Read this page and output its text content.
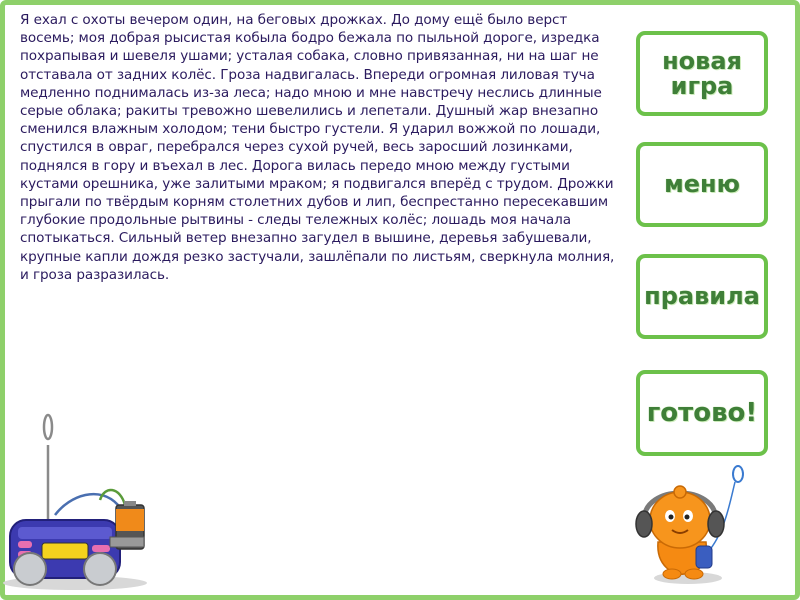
Я ехал с охоты вечером один, на беговых дрожках. До дому ещё было верст восемь; моя добрая рысистая кобыла бодро бежала по пыльной дороге, изредка похрапывая и шевеля ушами; усталая собака, словно привязанная, ни на шаг не отставала от задних колёс. Гроза надвигалась. Впереди огромная лиловая туча медленно поднималась из-за леса; надо мною и мне навстречу неслись длинные серые облака; ракиты тревожно шевелились и лепетали. Душный жар внезапно сменился влажным холодом; тени быстро густели. Я ударил вожжой по лошади, спустился в овраг, перебрался через сухой ручей, весь заросший лозинками, поднялся в гору и въехал в лес. Дорога вилась передо мною между густыми кустами орешника, уже залитыми мраком; я подвигался вперёд с трудом. Дрожки прыгали по твёрдым корням столетних дубов и лип, беспрестанно пересекавшим глубокие продольные рытвины - следы тележных колёс; лошадь моя начала спотыкаться. Сильный ветер внезапно загудел в вышине, деревья забушевали, крупные капли дождя резко застучали, зашлёпали по листьям, сверкнула молния, и гроза разразилась.

новая игра
меню
правила
готово!
